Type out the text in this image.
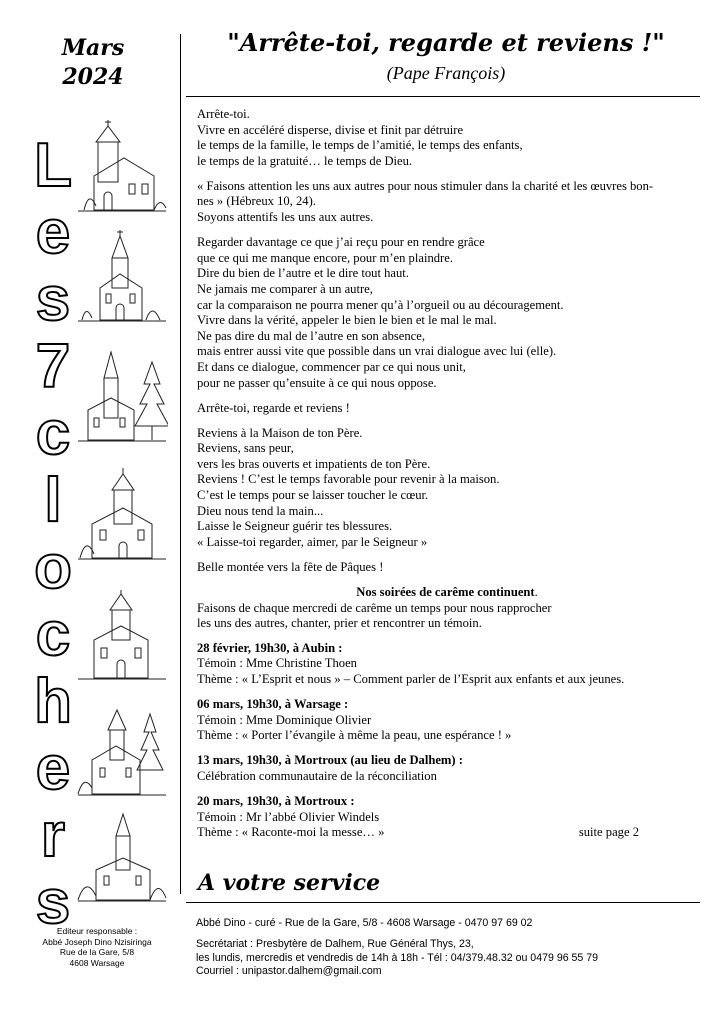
Mars
2024
L
e
s
7
c
l
o
c
h
e
r
s
Editeur responsable :
Abbé Joseph Dino Nzisiringa
Rue de la Gare, 5/8
4608 Warsage
"Arrête-toi, regarde et reviens !"
(Pape François)
Arrête-toi.
Vivre en accéléré disperse, divise et finit par détruire
le temps de la famille, le temps de l’amitié, le temps des enfants,
le temps de la gratuité… le temps de Dieu.
« Faisons attention les uns aux autres pour nous stimuler dans la charité et les œuvres bon-
nes » (Hébreux 10, 24).
Soyons attentifs les uns aux autres.
Regarder davantage ce que j’ai reçu pour en rendre grâce
que ce qui me manque encore, pour m’en plaindre.
Dire du bien de l’autre et le dire tout haut.
Ne jamais me comparer à un autre,
car la comparaison ne pourra mener qu’à l’orgueil ou au découragement.
Vivre dans la vérité, appeler le bien le bien et le mal le mal.
Ne pas dire du mal de l’autre en son absence,
mais entrer aussi vite que possible dans un vrai dialogue avec lui (elle).
Et dans ce dialogue, commencer par ce qui nous unit,
pour ne passer qu’ensuite à ce qui nous oppose.
Arrête-toi, regarde et reviens !
Reviens à la Maison de ton Père.
Reviens, sans peur,
vers les bras ouverts et impatients de ton Père.
Reviens ! C’est le temps favorable pour revenir à la maison.
C’est le temps pour se laisser toucher le cœur.
Dieu nous tend la main...
Laisse le Seigneur guérir tes blessures.
« Laisse-toi regarder, aimer, par le Seigneur »
Belle montée vers la fête de Pâques !
Nos soirées de carême continuent.
Faisons de chaque mercredi de carême un temps pour nous rapprocher
les uns des autres, chanter, prier et rencontrer un témoin.
28 février, 19h30, à Aubin :
Témoin : Mme Christine Thoen
Thème : « L’Esprit et nous » – Comment parler de l’Esprit aux enfants et aux jeunes.
06 mars, 19h30, à Warsage :
Témoin : Mme Dominique Olivier
Thème : « Porter l’évangile à même la peau, une espérance ! »
13 mars, 19h30, à Mortroux (au lieu de Dalhem) :
Célébration communautaire de la réconciliation
20 mars, 19h30, à Mortroux :
Témoin : Mr l’abbé Olivier Windels
Thème : « Raconte-moi la messe… »	suite page 2
A votre service
Abbé Dino - curé - Rue de la Gare, 5/8 - 4608 Warsage - 0470 97 69 02
Secrétariat : Presbytère de Dalhem, Rue Général Thys, 23,
les lundis, mercredis et vendredis de 14h à 18h - Tél : 04/379.48.32 ou 0479 96 55 79
Courriel : unipastor.dalhem@gmail.com
